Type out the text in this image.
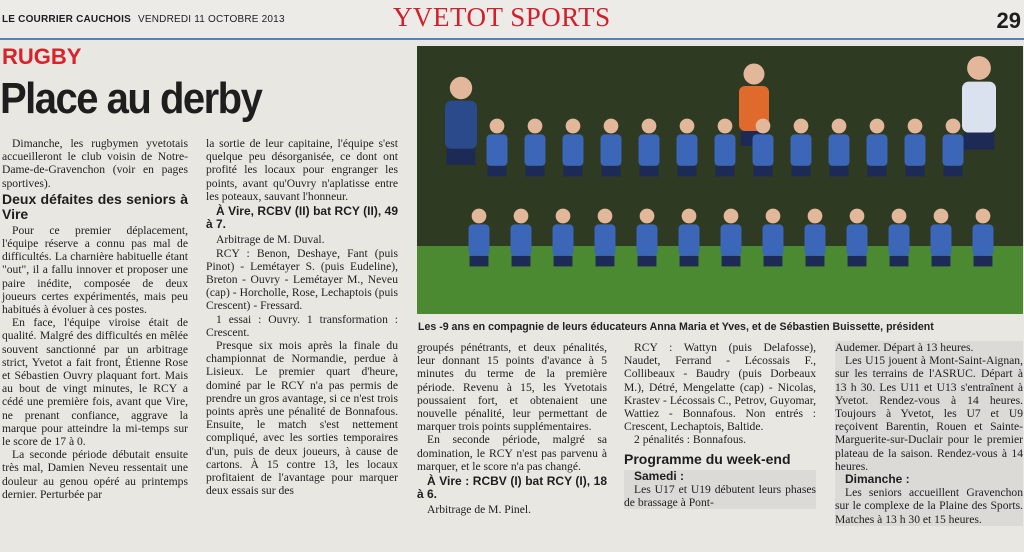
LE COURRIER CAUCHOIS VENDREDI 11 OCTOBRE 2013	YVETOT SPORTS	29
RUGBY
Place au derby

Dimanche, les rugbymen yvetotais accueilleront le club voisin de Notre-Dame-de-Gravenchon (voir en pages sportives).

Deux défaites des seniors à Vire

Pour ce premier déplacement, l'équipe réserve a connu pas mal de difficultés. La charnière habituelle étant "out", il a fallu innover et proposer une paire inédite, composée de deux joueurs certes expérimentés, mais peu habitués à évoluer à ces postes.

En face, l'équipe viroise était de qualité. Malgré des difficultés en mêlée souvent sanctionné par un arbitrage strict, Yvetot a fait front, Étienne Rose et Sébastien Ouvry plaquant fort. Mais au bout de vingt minutes, le RCY a cédé une première fois, avant que Vire, ne prenant confiance, aggrave la marque pour atteindre la mi-temps sur le score de 17 à 0.

La seconde période débutait ensuite très mal, Damien Neveu ressentait une douleur au genou opéré au printemps dernier. Perturbée par

la sortie de leur capitaine, l'équipe s'est quelque peu désorganisée, ce dont ont profité les locaux pour engranger les points, avant qu'Ouvry n'aplatisse entre les poteaux, sauvant l'honneur.

À Vire, RCBV (II) bat RCY (II), 49 à 7.

Arbitrage de M. Duval.

RCY : Benon, Deshaye, Fant (puis Pinot) - Lemétayer S. (puis Eudeline), Breton - Ouvry - Lemétayer M., Neveu (cap) - Horcholle, Rose, Lechaptois (puis Crescent) - Fressard.

1 essai : Ouvry. 1 transformation : Crescent.

Presque six mois après la finale du championnat de Normandie, perdue à Lisieux. Le premier quart d'heure, dominé par le RCY n'a pas permis de prendre un gros avantage, si ce n'est trois points après une pénalité de Bonnafous. Ensuite, le match s'est nettement compliqué, avec les sorties temporaires d'un, puis de deux joueurs, à cause de cartons. À 15 contre 13, les locaux profitaient de l'avantage pour marquer deux essais sur des

Les -9 ans en compagnie de leurs éducateurs Anna Maria et Yves, et de Sébastien Buissette, président

groupés pénétrants, et deux pénalités, leur donnant 15 points d'avance à 5 minutes du terme de la première période. Revenu à 15, les Yvetotais poussaient fort, et obtenaient une nouvelle pénalité, leur permettant de marquer trois points supplémentaires.

En seconde période, malgré sa domination, le RCY n'est pas parvenu à marquer, et le score n'a pas changé.

À Vire : RCBV (I) bat RCY (I), 18 à 6.

Arbitrage de M. Pinel.

RCY : Wattyn (puis Delafosse), Naudet, Ferrand - Lécossais F., Collibeaux - Baudry (puis Dorbeaux M.), Détré, Mengelatte (cap) - Nicolas, Krastev - Lécossais C., Petrov, Guyomar, Wattiez - Bonnafous. Non entrés : Crescent, Lechaptois, Baltide.

2 pénalités : Bonnafous.

Programme du week-end
Samedi :

Les U17 et U19 débutent leurs phases de brassage à Pont-

Audemer. Départ à 13 heures.

Les U15 jouent à Mont-Saint-Aignan, sur les terrains de l'ASRUC. Départ à 13 h 30. Les U11 et U13 s'entraînent à Yvetot. Rendez-vous à 14 heures. Toujours à Yvetot, les U7 et U9 reçoivent Barentin, Rouen et Sainte-Marguerite-sur-Duclair pour le premier plateau de la saison. Rendez-vous à 14 heures.

Dimanche :

Les seniors accueillent Gravenchon sur le complexe de la Plaine des Sports. Matches à 13 h 30 et 15 heures.
